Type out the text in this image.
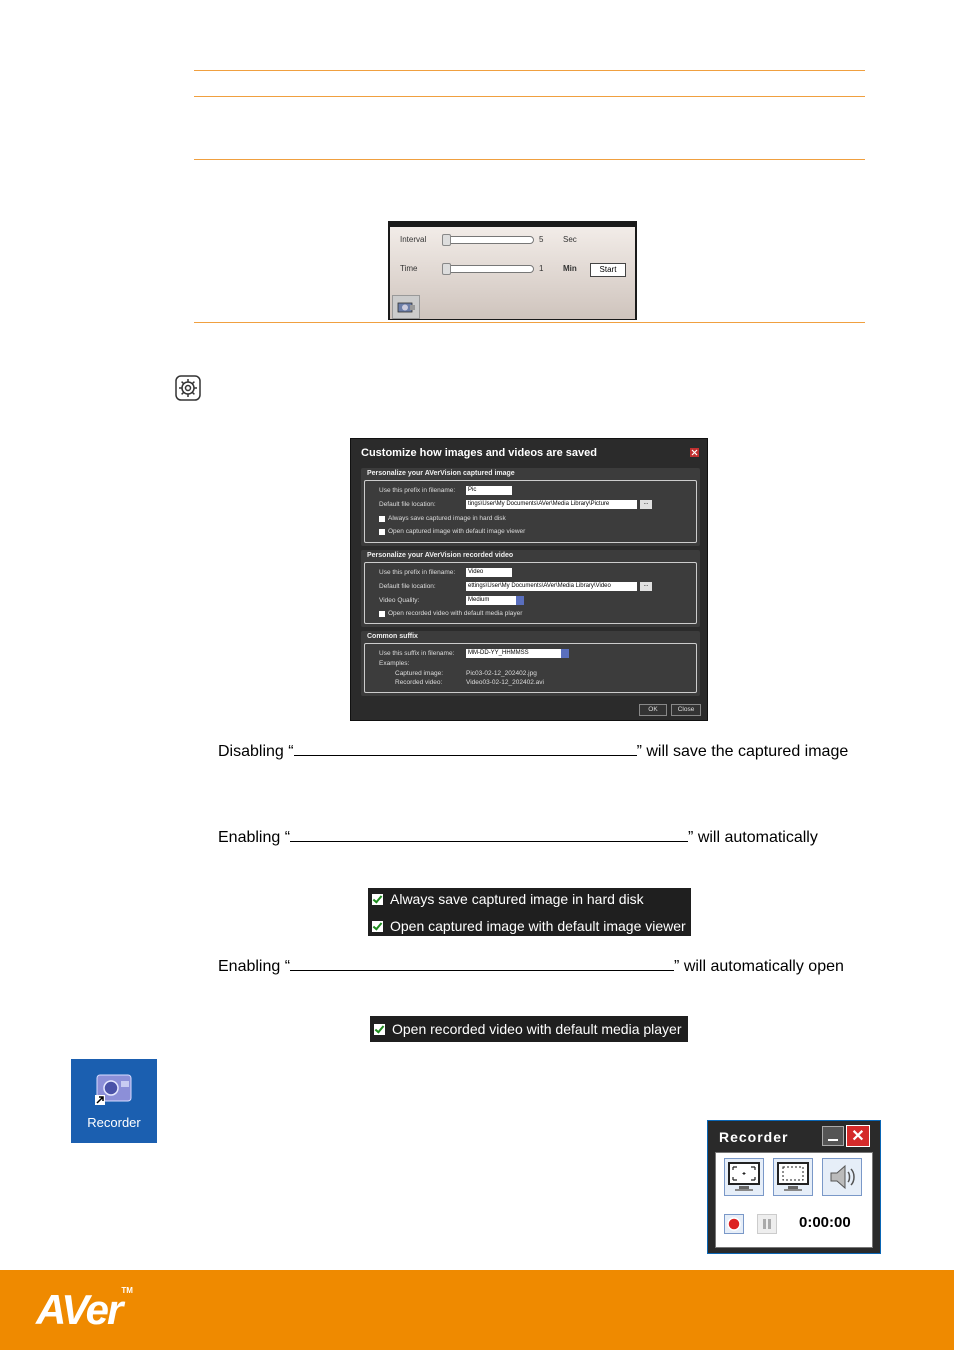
Interval	5 Sec
Time	1 Min	Start
Customize how images and videos are saved
Personalize your AVerVision captured image
Use this prefix in filename:	Pic
Default file location:	tings\User\My Documents\AVer\Media Library\Picture	...
Always save captured image in hard disk
Open captured image with default image viewer
Personalize your AVerVision recorded video
Use this prefix in filename:	Video
Default file location:	ettings\User\My Documents\AVer\Media Library\Video	...
Video Quality:	Medium
Open recorded video with default media player
Common suffix
Use this suffix in filename:	MM-DD-YY_HHMMSS
Examples:
Captured image:	Pic03-02-12_202402.jpg
Recorded video:	Video03-02-12_202402.avi
OK	Close
Disabling “	” will save the captured image
Enabling “	” will automatically
Enabling “	” will automatically open
Always save captured image in hard disk
Open captured image with default image viewer
Open recorded video with default media player
Recorder
Recorder	✕
0:00:00
AVer™
